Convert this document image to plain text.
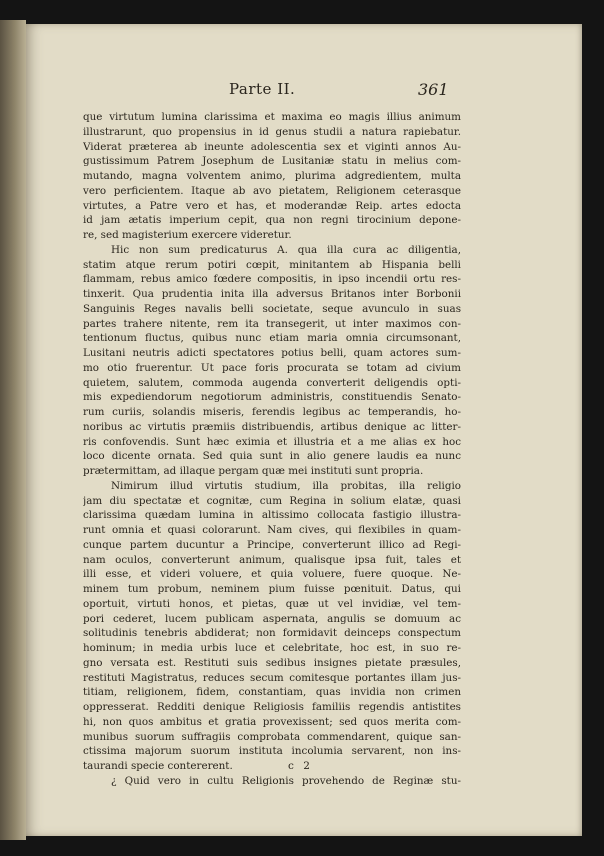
Parte II.	361
que virtutum lumina clarissima et maxima eo magis illius animum
illustrarunt, quo propensius in id genus studii a natura rapiebatur.
Viderat præterea ab ineunte adolescentia sex et viginti annos Au-
gustissimum Patrem Josephum de Lusitaniæ statu in melius com-
mutando, magna volventem animo, plurima adgredientem, multa
vero perficientem. Itaque ab avo pietatem, Religionem ceterasque
virtutes, a Patre vero et has, et moderandæ Reip. artes edocta
id jam ætatis imperium cepit, qua non regni tirocinium depone-
re, sed magisterium exercere videretur.
Hic non sum predicaturus A. qua illa cura ac diligentia,
statim atque rerum potiri cœpit, minitantem ab Hispania belli
flammam, rebus amico fœdere compositis, in ipso incendii ortu res-
tinxerit. Qua prudentia inita illa adversus Britanos inter Borbonii
Sanguinis Reges navalis belli societate, seque avunculo in suas
partes trahere nitente, rem ita transegerit, ut inter maximos con-
tentionum fluctus, quibus nunc etiam maria omnia circumsonant,
Lusitani neutris adicti spectatores potius belli, quam actores sum-
mo otio fruerentur. Ut pace foris procurata se totam ad civium
quietem, salutem, commoda augenda converterit deligendis opti-
mis expediendorum negotiorum administris, constituendis Senato-
rum curiis, solandis miseris, ferendis legibus ac temperandis, ho-
noribus ac virtutis præmiis distribuendis, artibus denique ac litter-
ris confovendis. Sunt hæc eximia et illustria et a me alias ex hoc
loco dicente ornata. Sed quia sunt in alio genere laudis ea nunc
prætermittam, ad illaque pergam quæ mei instituti sunt propria.
Nimirum illud virtutis studium, illa probitas, illa religio
jam diu spectatæ et cognitæ, cum Regina in solium elatæ, quasi
clarissima quædam lumina in altissimo collocata fastigio illustra-
runt omnia et quasi colorarunt. Nam cives, qui flexibiles in quam-
cunque partem ducuntur a Principe, converterunt illico ad Regi-
nam oculos, converterunt animum, qualisque ipsa fuit, tales et
illi esse, et videri voluere, et quia voluere, fuere quoque. Ne-
minem tum probum, neminem pium fuisse pœnituit. Datus, qui
oportuit, virtuti honos, et pietas, quæ ut vel invidiæ, vel tem-
pori cederet, lucem publicam aspernata, angulis se domuum ac
solitudinis tenebris abdiderat; non formidavit deinceps conspectum
hominum; in media urbis luce et celebritate, hoc est, in suo re-
gno versata est. Restituti suis sedibus insignes pietate præsules,
restituti Magistratus, reduces secum comitesque portantes illam jus-
titiam, religionem, fidem, constantiam, quas invidia non crimen
oppresserat. Redditi denique Religiosis familiis regendis antistites
hi, non quos ambitus et gratia provexissent; sed quos merita com-
munibus suorum suffragiis comprobata commendarent, quique san-
ctissima majorum suorum instituta incolumia servarent, non ins-
taurandi specie contererent.
¿ Quid vero in cultu Religionis provehendo de Reginæ stu-
c 2
